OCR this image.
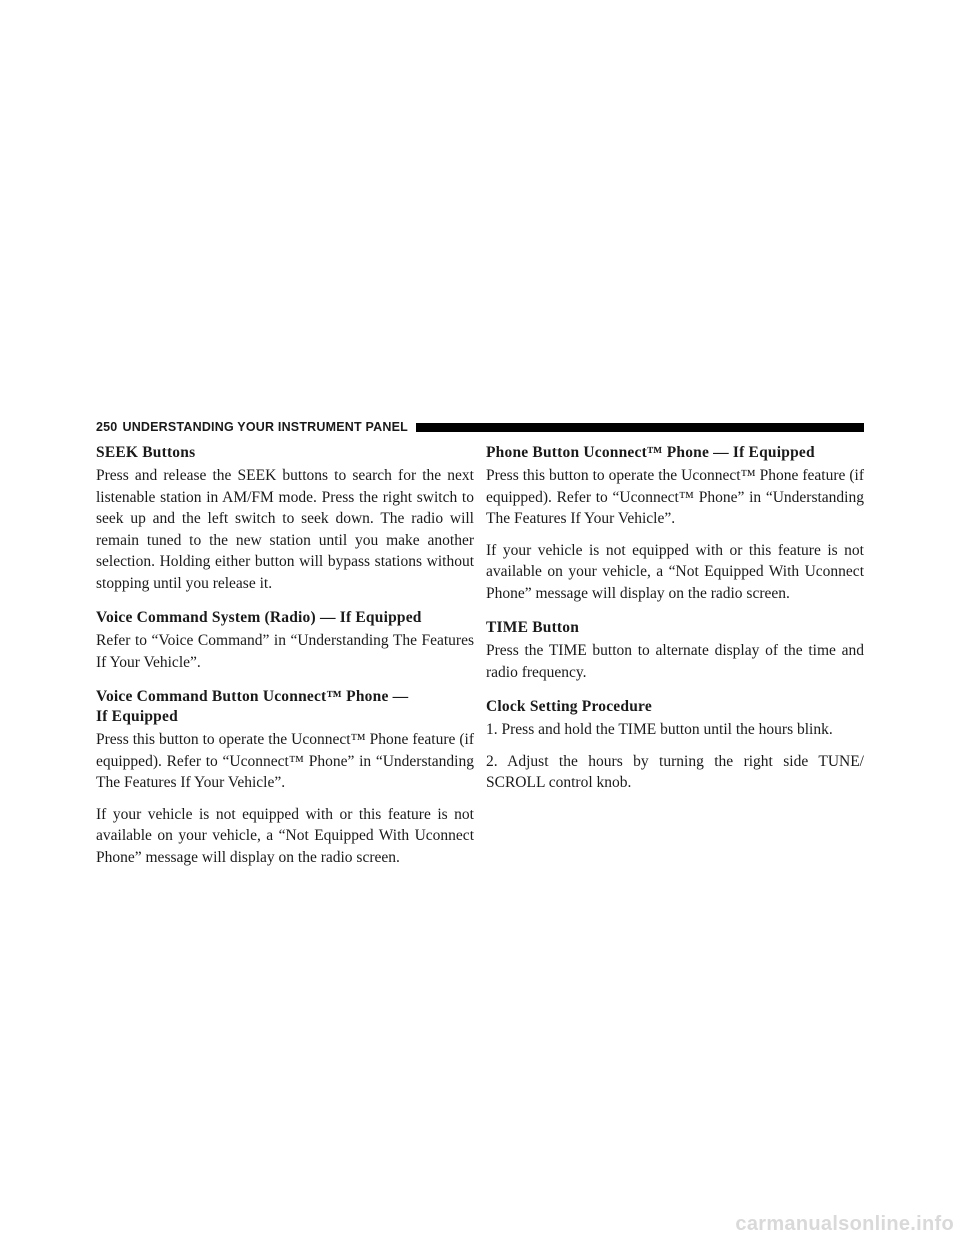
250 UNDERSTANDING YOUR INSTRUMENT PANEL
SEEK Buttons

Press and release the SEEK buttons to search for the next listenable station in AM/FM mode. Press the right switch to seek up and the left switch to seek down. The radio will remain tuned to the new station until you make another selection. Holding either button will bypass stations without stopping until you release it.

Voice Command System (Radio) — If Equipped

Refer to “Voice Command” in “Understanding The Features If Your Vehicle”.

Voice Command Button Uconnect™ Phone —
If Equipped

Press this button to operate the Uconnect™ Phone feature (if equipped). Refer to “Uconnect™ Phone” in “Understanding The Features If Your Vehicle”.

If your vehicle is not equipped with or this feature is not available on your vehicle, a “Not Equipped With Uconnect Phone” message will display on the radio screen.

Phone Button Uconnect™ Phone — If Equipped

Press this button to operate the Uconnect™ Phone feature (if equipped). Refer to “Uconnect™ Phone” in “Understanding The Features If Your Vehicle”.

If your vehicle is not equipped with or this feature is not available on your vehicle, a “Not Equipped With Uconnect Phone” message will display on the radio screen.

TIME Button

Press the TIME button to alternate display of the time and radio frequency.

Clock Setting Procedure

1. Press and hold the TIME button until the hours blink.

2. Adjust the hours by turning the right side TUNE/ SCROLL control knob.

carmanualsonline.info
